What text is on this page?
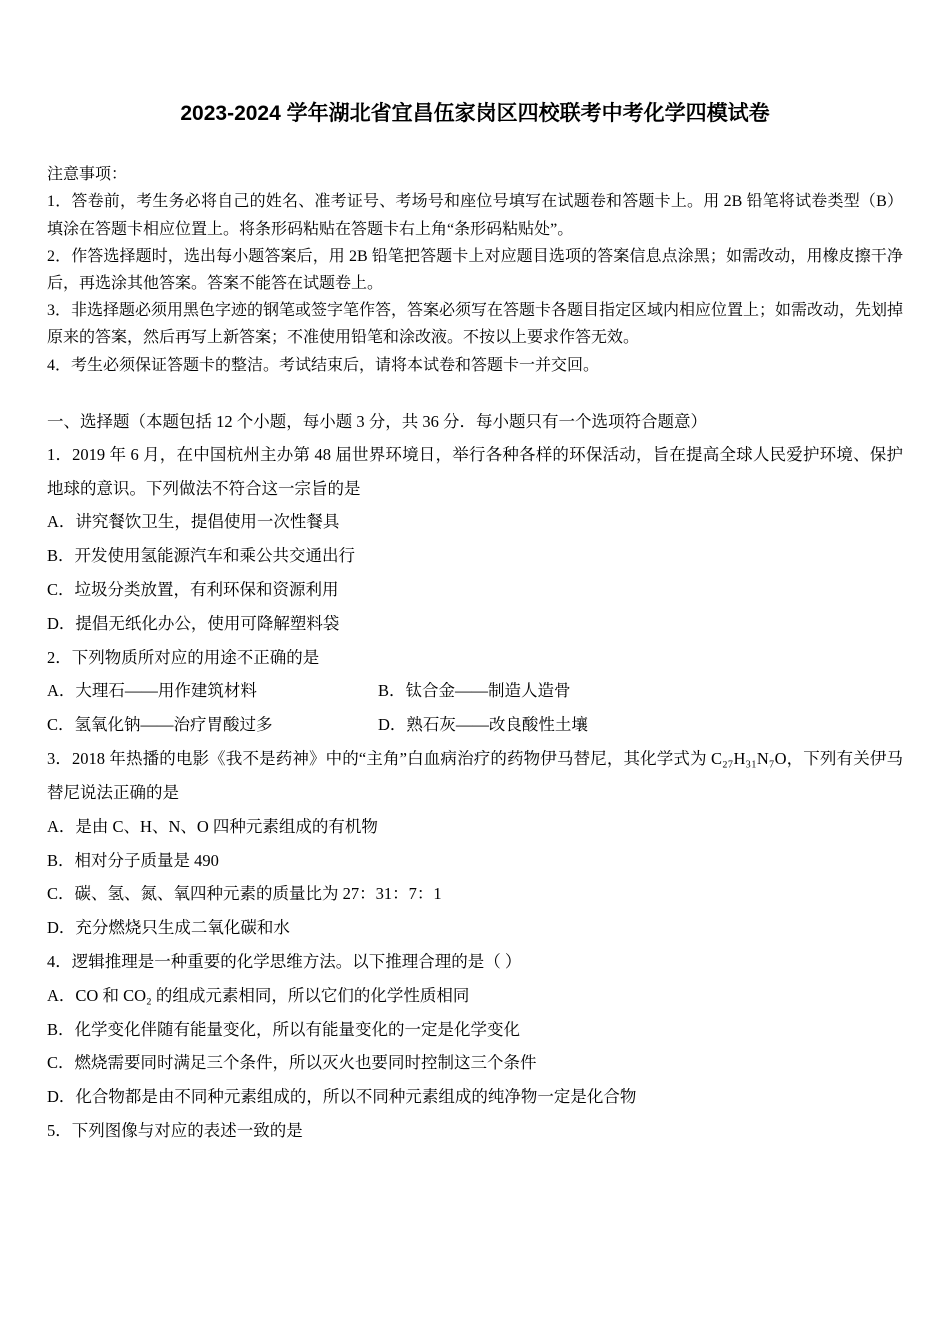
2023-2024 学年湖北省宜昌伍家岗区四校联考中考化学四模试卷

注意事项：

1．答卷前，考生务必将自己的姓名、准考证号、考场号和座位号填写在试题卷和答题卡上。用 2B 铅笔将试卷类型（B）填涂在答题卡相应位置上。将条形码粘贴在答题卡右上角“条形码粘贴处”。

2．作答选择题时，选出每小题答案后，用 2B 铅笔把答题卡上对应题目选项的答案信息点涂黑；如需改动，用橡皮擦干净后，再选涂其他答案。答案不能答在试题卷上。

3．非选择题必须用黑色字迹的钢笔或签字笔作答，答案必须写在答题卡各题目指定区域内相应位置上；如需改动，先划掉原来的答案，然后再写上新答案；不准使用铅笔和涂改液。不按以上要求作答无效。

4．考生必须保证答题卡的整洁。考试结束后，请将本试卷和答题卡一并交回。

一、选择题（本题包括 12 个小题，每小题 3 分，共 36 分．每小题只有一个选项符合题意）

1．2019 年 6 月，在中国杭州主办第 48 届世界环境日，举行各种各样的环保活动，旨在提高全球人民爱护环境、保护地球的意识。下列做法不符合这一宗旨的是

A．讲究餐饮卫生，提倡使用一次性餐具

B．开发使用氢能源汽车和乘公共交通出行

C．垃圾分类放置，有利环保和资源利用

D．提倡无纸化办公，使用可降解塑料袋

2．下列物质所对应的用途不正确的是

A．大理石——用作建筑材料	B．钛合金——制造人造骨

C．氢氧化钠——治疗胃酸过多	D．熟石灰——改良酸性土壤

3．2018 年热播的电影《我不是药神》中的“主角”白血病治疗的药物伊马替尼，其化学式为 C₂₇H₃₁N₇O，下列有关伊马替尼说法正确的是

A．是由 C、H、N、O 四种元素组成的有机物

B．相对分子质量是 490

C．碳、氢、氮、氧四种元素的质量比为 27：31：7：1

D．充分燃烧只生成二氧化碳和水

4．逻辑推理是一种重要的化学思维方法。以下推理合理的是（ ）

A．CO 和 CO₂ 的组成元素相同，所以它们的化学性质相同

B．化学变化伴随有能量变化，所以有能量变化的一定是化学变化

C．燃烧需要同时满足三个条件，所以灭火也要同时控制这三个条件

D．化合物都是由不同种元素组成的，所以不同种元素组成的纯净物一定是化合物

5．下列图像与对应的表述一致的是
